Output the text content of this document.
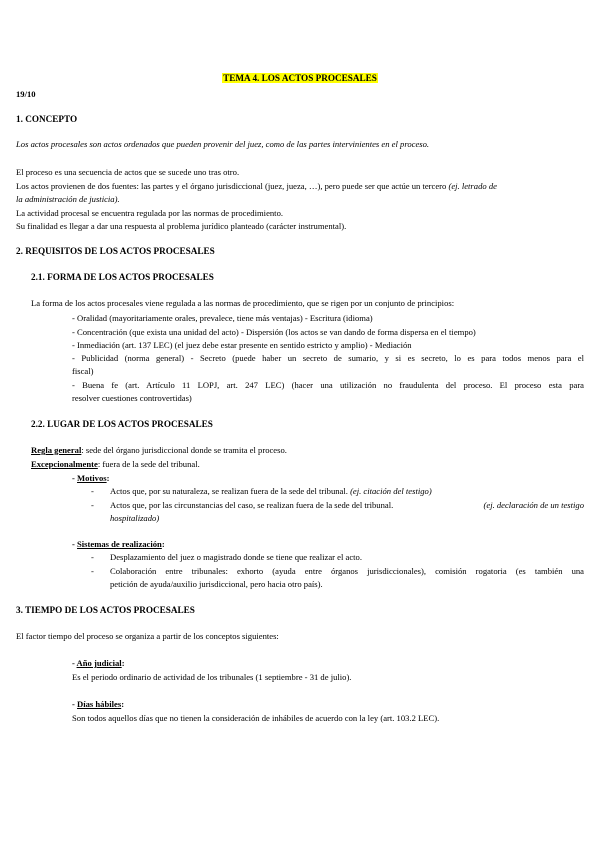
TEMA 4. LOS ACTOS PROCESALES
19/10
1. CONCEPTO
Los actos procesales son actos ordenados que pueden provenir del juez, como de las partes intervinientes en el proceso.
El proceso es una secuencia de actos que se sucede uno tras otro.
Los actos provienen de dos fuentes: las partes y el órgano jurisdiccional (juez, jueza, …), pero puede ser que actúe un tercero (ej. letrado de
la administración de justicia).
La actividad procesal se encuentra regulada por las normas de procedimiento.
Su finalidad es llegar a dar una respuesta al problema jurídico planteado (carácter instrumental).
2. REQUISITOS DE LOS ACTOS PROCESALES
2.1. FORMA DE LOS ACTOS PROCESALES
La forma de los actos procesales viene regulada a las normas de procedimiento, que se rigen por un conjunto de principios:
- Oralidad (mayoritariamente orales, prevalece, tiene más ventajas) - Escritura (idioma)
- Concentración (que exista una unidad del acto) - Dispersión (los actos se van dando de forma dispersa en el tiempo)
- Inmediación (art. 137 LEC) (el juez debe estar presente en sentido estricto y amplio) - Mediación
- Publicidad (norma general) - Secreto (puede haber un secreto de sumario, y si es secreto, lo es para todos menos para el
fiscal)
- Buena fe (art. Artículo 11 LOPJ, art. 247 LEC) (hacer una utilización no fraudulenta del proceso. El proceso esta para
resolver cuestiones controvertidas)
2.2. LUGAR DE LOS ACTOS PROCESALES
Regla general: sede del órgano jurisdiccional donde se tramita el proceso.
Excepcionalmente: fuera de la sede del tribunal.
- Motivos:
- Actos que, por su naturaleza, se realizan fuera de la sede del tribunal. (ej. citación del testigo)
- Actos que, por las circunstancias del caso, se realizan fuera de la sede del tribunal.	(ej. declaración de un testigo
hospitalizado)
- Sistemas de realización:
- Desplazamiento del juez o magistrado donde se tiene que realizar el acto.
- Colaboración entre tribunales: exhorto (ayuda entre órganos jurisdiccionales), comisión rogatoria (es también una
petición de ayuda/auxilio jurisdiccional, pero hacia otro país).
3. TIEMPO DE LOS ACTOS PROCESALES
El factor tiempo del proceso se organiza a partir de los conceptos siguientes:
- Año judicial:
Es el periodo ordinario de actividad de los tribunales (1 septiembre - 31 de julio).
- Días hábiles:
Son todos aquellos días que no tienen la consideración de inhábiles de acuerdo con la ley (art. 103.2 LEC).
